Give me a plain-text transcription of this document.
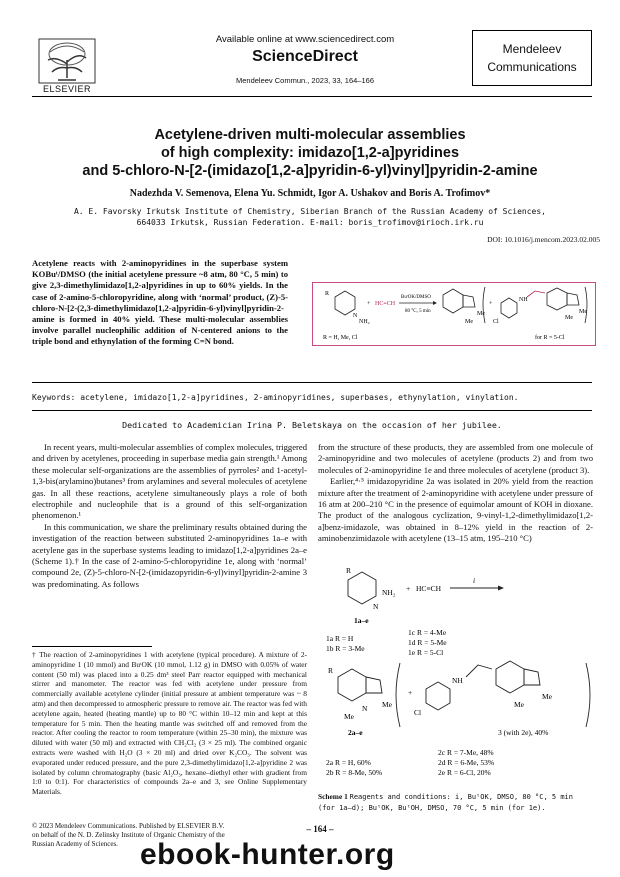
ELSEVIER
Available online at www.sciencedirect.com
ScienceDirect
Mendeleev Commun., 2023, 33, 164–166
Mendeleev
Communications
Acetylene-driven multi-molecular assemblies
of high complexity: imidazo[1,2-a]pyridines
and 5-chloro-N-[2-(imidazo[1,2-a]pyridin-6-yl)vinyl]pyridin-2-amine
Nadezhda V. Semenova, Elena Yu. Schmidt, Igor A. Ushakov and Boris A. Trofimov*
A. E. Favorsky Irkutsk Institute of Chemistry, Siberian Branch of the Russian Academy of Sciences,
664033 Irkutsk, Russian Federation. E-mail: boris_trofimov@irioch.irk.ru
DOI: 10.1016/j.mencom.2023.02.005
Acetylene reacts with 2-aminopyridines in the superbase system KOBuᵗ/DMSO (the initial acetylene pressure ~8 atm, 80 °C, 5 min) to give 2,3-dimethylimidazo[1,2-a]pyridines in up to 60% yields. In the case of 2-amino-5-chloropyridine, along with ‘normal’ product, (Z)-5-chloro-N-[2-(2,3-dimethylimidazo[1,2-a]pyridin-6-yl)vinyl]pyridin-2-amine is formed in 40% yield. These multi-molecular assemblies involve parallel nucleophilic addition of N-centered anions to the triple bond and ethynylation of the forming C=N bond.
R
N
NH₂
+ HC≡CH
BuᵗOK/DMSO
80 °C, 5 min
Me
Me
+
Cl
NH
Me
Me
R = H, Me, Cl	for R = 5-Cl
Keywords: acetylene, imidazo[1,2-a]pyridines, 2-aminopyridines, superbases, ethynylation, vinylation.
Dedicated to Academician Irina P. Beletskaya on the occasion of her jubilee.

In recent years, multi-molecular assemblies of complex molecules, triggered and driven by acetylenes, proceeding in superbase media gain strength.¹ Among these molecular self-organizations are the assemblies of pyrroles² and 1-acetyl-1,3-bis(arylamino)butanes³ from arylamines and several molecules of acetylene gas. In all these reactions, acetylene simultaneously plays a role of both electrophile and nucleophile that is a ground of this self-organization phenomenon.¹

In this communication, we share the preliminary results obtained during the investigation of the reaction between substituted 2-aminopyridines 1a–e with acetylene gas in the superbase systems leading to imidazo[1,2-a]pyridines 2a–e (Scheme 1).† In the case of 2-amino-5-chloropyridine 1e, along with ‘normal’ compound 2e, (Z)-5-chloro-N-[2-(imidazopyridin-6-yl)vinyl]pyridin-2-amine 3 was predominating. As follows

† The reaction of 2-aminopyridines 1 with acetylene (typical procedure). A mixture of 2-aminopyridine 1 (10 mmol) and BuᵗOK (10 mmol, 1.12 g) in DMSO with 0.05% of water content (50 ml) was placed into a 0.25 dm³ steel Parr reactor equipped with mechanical stirrer and manometer. The reactor was fed with acetylene under pressure from commercially available acetylene cylinder (initial pressure at ambient temperature was ~ 8 atm) and then decompressed to atmospheric pressure to remove air. The reactor was fed with acetylene again, heated (heating mantle) up to 80 °C within 10–12 min and kept at this temperature for 5 min. Then the heating mantle was switched off and removed from the reactor. After cooling the reactor to room temperature (within 25–30 min), the mixture was diluted with water (50 ml) and extracted with CH₂Cl₂ (3 × 25 ml). The combined organic extracts were washed with H₂O (3 × 20 ml) and dried over K₂CO₃. The solvent was evaporated under reduced pressure, and the pure 2,3-dimethylimidazo[1,2-a]pyridine 2 was isolated by column chromatography (basic Al₂O₃, hexane–diethyl ether with gradient from 1:0 to 0:1). For characteristics of compounds 2a–e and 3, see Online Supplementary Materials.

from the structure of these products, they are assembled from one molecule of 2-aminopyridine and two molecules of acetylene (products 2) and from two molecules of 2-aminopyridine 1e and three molecules of acetylene (product 3).

Earlier,⁴·⁵ imidazopyridine 2a was isolated in 20% yield from the reaction mixture after the treatment of 2-aminopyridine with acetylene under pressure of 16 atm at 200–210 °C in the presence of equimolar amount of KOH in dioxane. The product of the analogous cyclization, 9-vinyl-1,2-dimethylimidazo[1,2-a]benz-imidazole, was obtained in 8–12% yield in the reaction of 2-aminobenzimidazole with acetylene (13–15 atm, 195–210 °C)

R
N
NH₂
1a–e
+ HC≡CH
i
1a R = H
1b R = 3-Me
1c R = 4-Me
1d R = 5-Me
1e R = 5-Cl
R
N
Me
Me
2a–e
+
Cl
NH
Me
Me
3 (with 2e), 40%
2a R = H, 60%
2b R = 8-Me, 50%
2c R = 7-Me, 48%
2d R = 6-Me, 53%
2e R = 6-Cl, 20%
Scheme 1 Reagents and conditions: i, BuᵗOK, DMSO, 80 °C, 5 min (for 1a–d); BuᵗOK, BuᵗOH, DMSO, 70 °C, 5 min (for 1e).
© 2023 Mendeleev Communications. Published by ELSEVIER B.V.
on behalf of the N. D. Zelinsky Institute of Organic Chemistry of the
Russian Academy of Sciences.
– 164 –
ebook-hunter.org
